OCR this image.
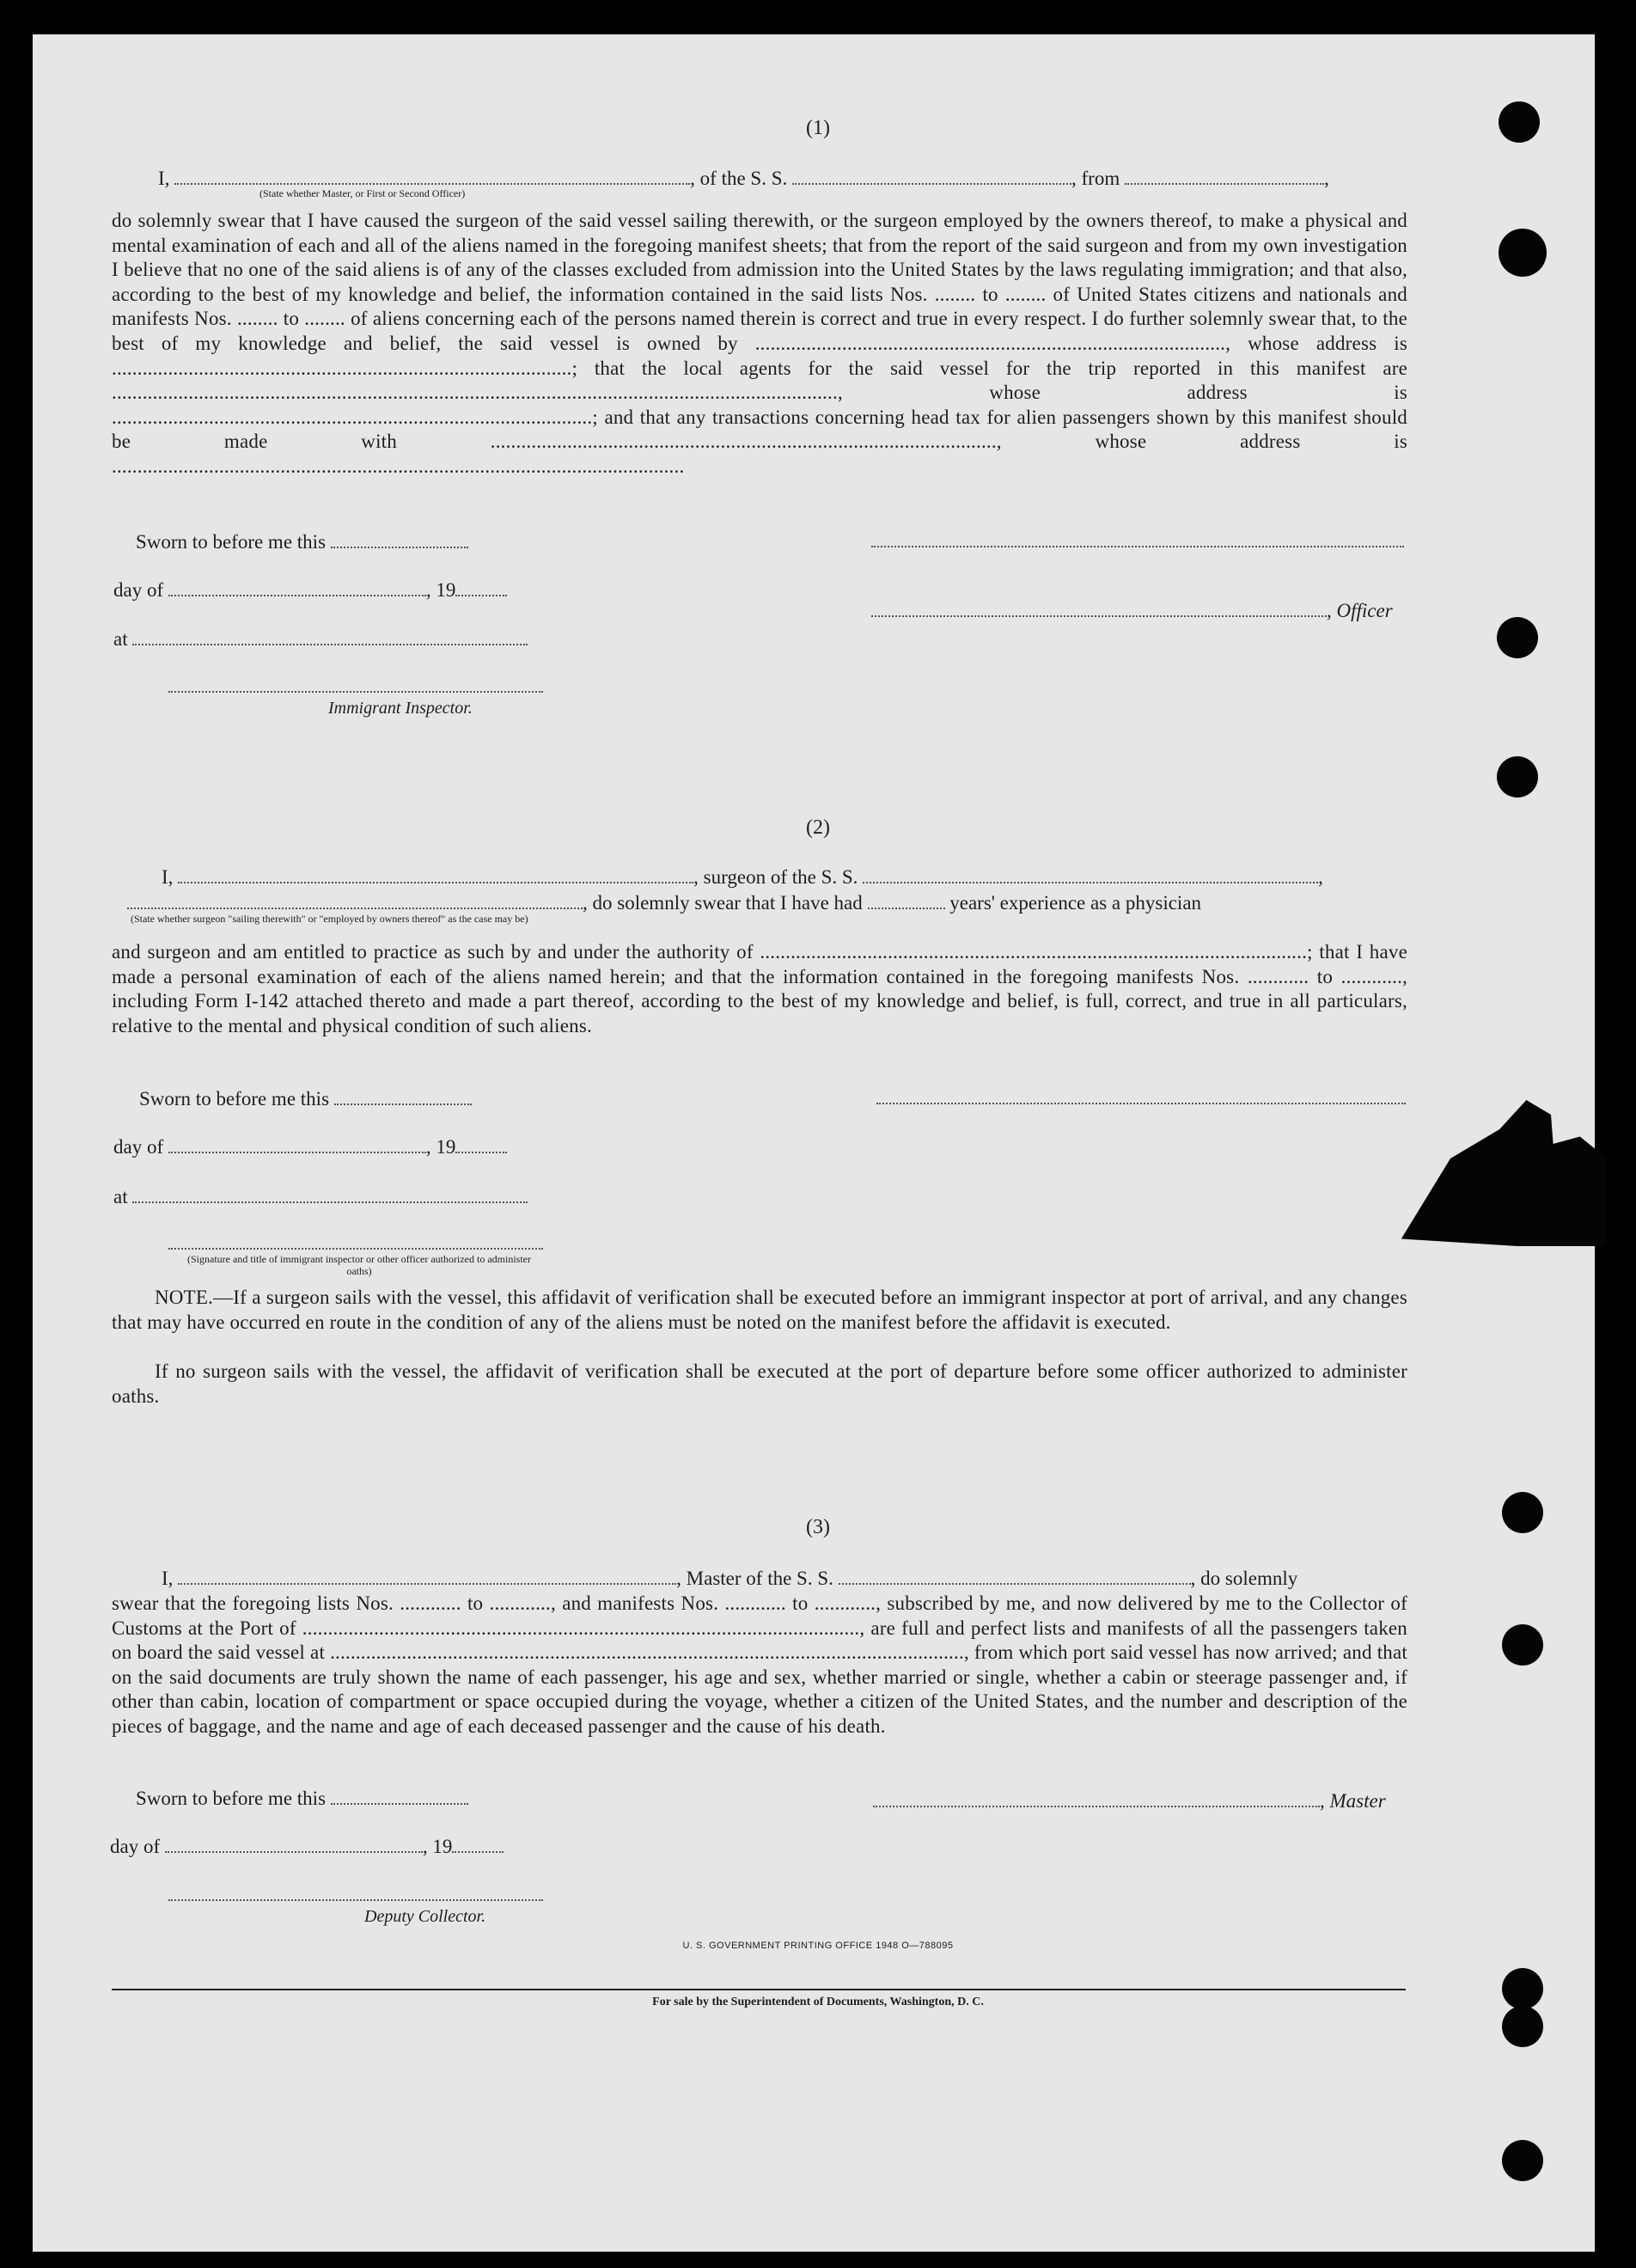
(1)
I,	, of the S. S.	, from	,
(State whether Master, or First or Second Officer)
do solemnly swear that I have caused the surgeon of the said vessel sailing therewith, or the surgeon employed by the owners thereof, to make a physical and mental examination of each and all of the aliens named in the foregoing manifest sheets; that from the report of the said surgeon and from my own investigation I believe that no one of the said aliens is of any of the classes excluded from admission into the United States by the laws regulating immigration; and that also, according to the best of my knowledge and belief, the information contained in the said lists Nos. ........ to ........ of United States citizens and nationals and manifests Nos. ........ to ........ of aliens concerning each of the persons named therein is correct and true in every respect. I do further solemnly swear that, to the best of my knowledge and belief, the said vessel is owned by ............................................................................................, whose address is ..........................................................................................; that the local agents for the said vessel for the trip reported in this manifest are .............................................................................................................................................., whose address is ..............................................................................................; and that any transactions concerning head tax for alien passengers shown by this manifest should be made with ..................................................................................................., whose address is ................................................................................................................
Sworn to before me this
day of	, 19
at
, Officer
Immigrant Inspector.
(2)
I,	, surgeon of the S. S.	,
, do solemnly swear that I have had	years' experience as a physician
(State whether surgeon "sailing therewith" or "employed by owners thereof" as the case may be)
and surgeon and am entitled to practice as such by and under the authority of ...........................................................................................................; that I have made a personal examination of each of the aliens named herein; and that the information contained in the foregoing manifests Nos. ............ to ............, including Form I-142 attached thereto and made a part thereof, according to the best of my knowledge and belief, is full, correct, and true in all particulars, relative to the mental and physical condition of such aliens.
Sworn to before me this
day of	, 19
at
(Signature and title of immigrant inspector or other officer authorized to administer oaths)
NOTE.—If a surgeon sails with the vessel, this affidavit of verification shall be executed before an immigrant inspector at port of arrival, and any changes that may have occurred en route in the condition of any of the aliens must be noted on the manifest before the affidavit is executed.
If no surgeon sails with the vessel, the affidavit of verification shall be executed at the port of departure before some officer authorized to administer oaths.
(3)
I,	, Master of the S. S.	, do solemnly
swear that the foregoing lists Nos. ............ to ............, and manifests Nos. ............ to ............, subscribed by me, and now delivered by me to the Collector of Customs at the Port of ............................................................................................................., are full and perfect lists and manifests of all the passengers taken on board the said vessel at ............................................................................................................................, from which port said vessel has now arrived; and that on the said documents are truly shown the name of each passenger, his age and sex, whether married or single, whether a cabin or steerage passenger and, if other than cabin, location of compartment or space occupied during the voyage, whether a citizen of the United States, and the number and description of the pieces of baggage, and the name and age of each deceased passenger and the cause of his death.
Sworn to before me this	, Master
day of	, 19
Deputy Collector.
U. S. GOVERNMENT PRINTING OFFICE 1948 O—788095
For sale by the Superintendent of Documents, Washington, D. C.
